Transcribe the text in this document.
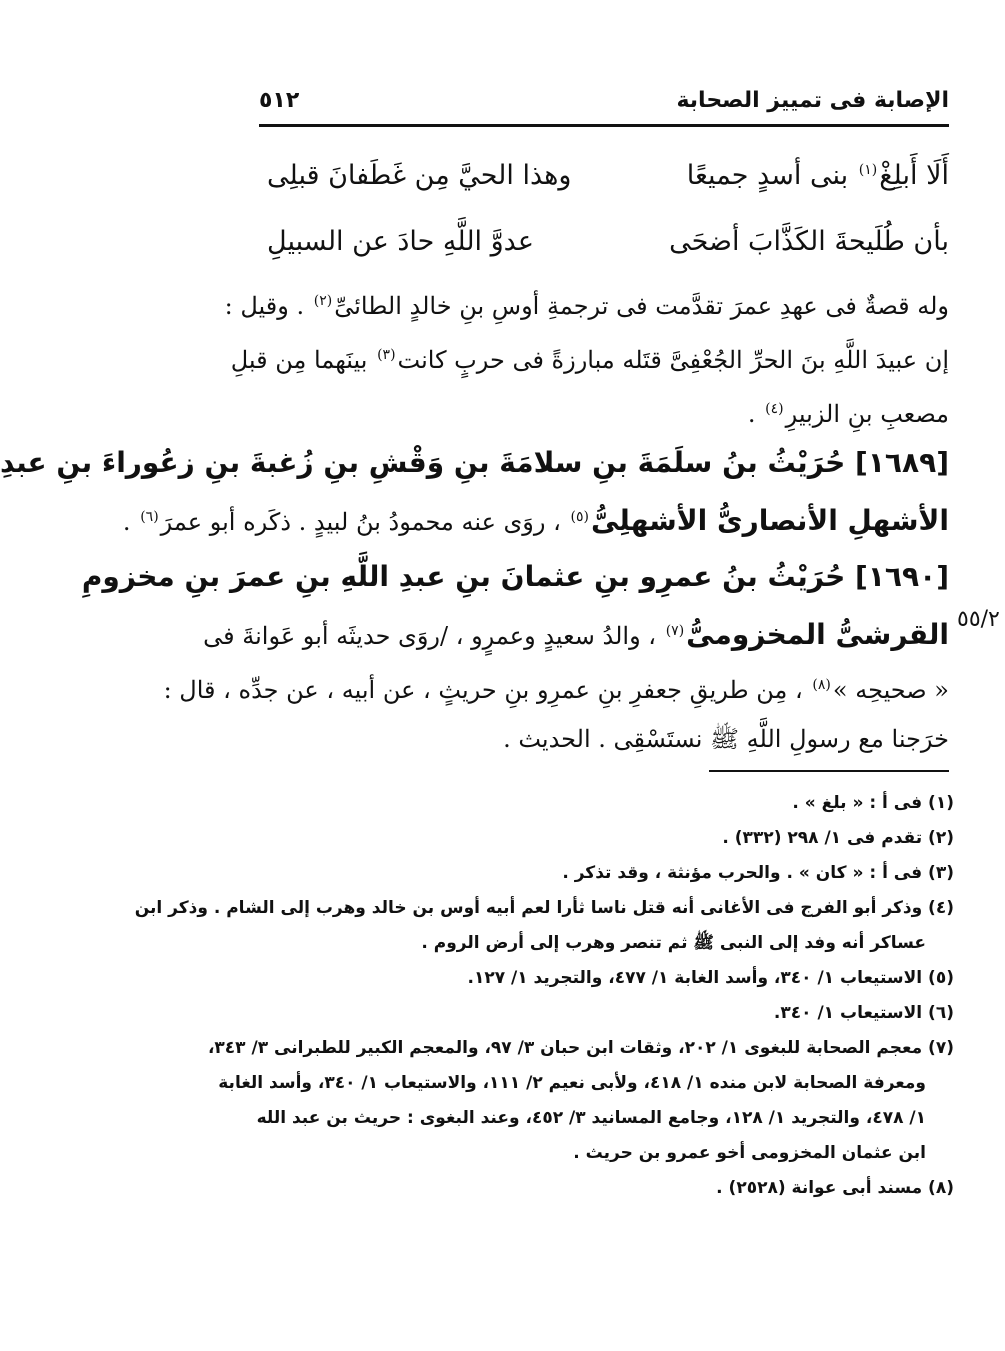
الإصابة فى تمييز الصحابة
٥١٢
أَلَا أَبلِغْ$^{(١)}$ بنى أسدٍ جميعًا
وهذا الحيَّ مِن غَطَفانَ قبلِى
بأن طُلَيحةَ الكَذَّابَ أضحَى
عدوَّ اللَّهِ حادَ عن السبيلِ
وله قصةٌ فى عهدِ عمرَ تقدَّمت فى ترجمةِ أوسِ بنِ خالدٍ الطائىِّ$^{(٢)}$ . وقيل :
إن عبيدَ اللَّهِ بنَ الحرِّ الجُعْفِىَّ قتَله مبارزةً فى حربٍ كانت$^{(٣)}$ بينَهما مِن قبلِ
مصعبِ بنِ الزبيرِ$^{(٤)}$ .
[١٦٨٩] حُرَيْثُ بنُ سلَمَةَ بنِ سلامَةَ بنِ وَقْشِ بنِ زُغبةَ بنِ زعُوراءَ بنِ عبدِ
الأشهلِ الأنصارىُّ الأشهلِىُّ$^{(٥)}$ ، روَى عنه محمودُ بنُ لبيدٍ . ذكَره أبو عمرَ$^{(٦)}$ .
[١٦٩٠] حُرَيْثُ بنُ عمرِو بنِ عثمانَ بنِ عبدِ اللَّهِ بنِ عمرَ بنِ مخزومِ
القرشىُّ المخزومىُّ$^{(٧)}$ ، والدُ سعيدٍ وعمرٍو ، /روَى حديثَه أبو عَوانةَ فى
« صحيحِه »$^{(٨)}$ ، مِن طريقِ جعفرِ بنِ عمرِو بنِ حريثٍ ، عن أبيه ، عن جدِّه ، قال :
خرَجنا مع رسولِ اللَّهِ ﷺ نستَسْقِى . الحديث .
٥٥/٢
(١) فى أ : « بلغ » .
(٢) تقدم فى ١/ ٢٩٨ (٣٣٢) .
(٣) فى أ : « كان » . والحرب مؤنثة ، وقد تذكر .
(٤) وذكر أبو الفرج فى الأغانى أنه قتل ناسا ثأرا لعم أبيه أوس بن خالد وهرب إلى الشام . وذكر ابن
عساكر أنه وفد إلى النبى ﷺ ثم تنصر وهرب إلى أرض الروم .
(٥) الاستيعاب ١/ ٣٤٠، وأسد الغابة ١/ ٤٧٧، والتجريد ١/ ١٢٧.
(٦) الاستيعاب ١/ ٣٤٠.
(٧) معجم الصحابة للبغوى ١/ ٢٠٢، وثقات ابن حبان ٣/ ٩٧، والمعجم الكبير للطبرانى ٣/ ٣٤٣،
ومعرفة الصحابة لابن منده ١/ ٤١٨، ولأبى نعيم ٢/ ١١١، والاستيعاب ١/ ٣٤٠، وأسد الغابة
١/ ٤٧٨، والتجريد ١/ ١٢٨، وجامع المسانيد ٣/ ٤٥٢، وعند البغوى : حريث بن عبد الله
ابن عثمان المخزومى أخو عمرو بن حريث .
(٨) مسند أبى عوانة (٢٥٢٨) .
